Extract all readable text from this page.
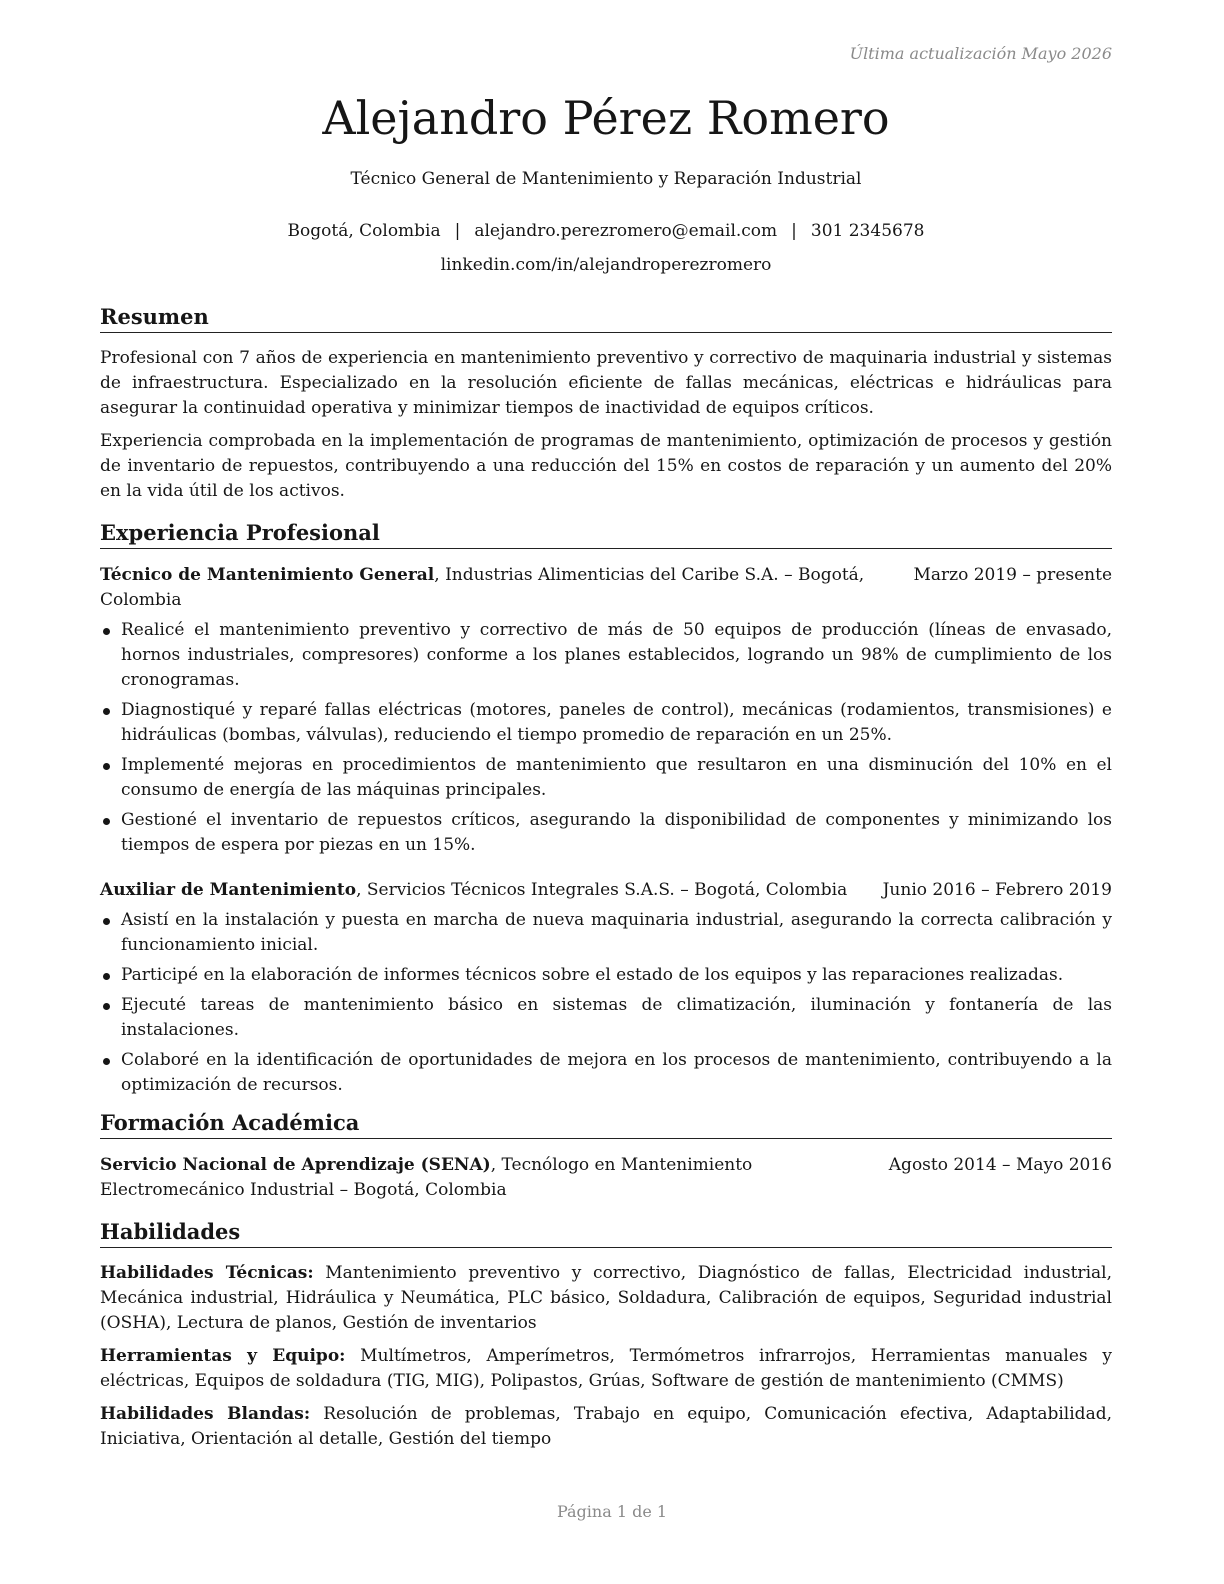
Última actualización Mayo 2026
Alejandro Pérez Romero
Técnico General de Mantenimiento y Reparación Industrial
Bogotá, Colombia | alejandro.perezromero@email.com | 301 2345678
linkedin.com/in/alejandroperezromero
Resumen

Profesional con 7 años de experiencia en mantenimiento preventivo y correctivo de maquinaria industrial y sistemas de infraestructura. Especializado en la resolución eficiente de fallas mecánicas, eléctricas e hidráulicas para asegurar la continuidad operativa y minimizar tiempos de inactividad de equipos críticos.

Experiencia comprobada en la implementación de programas de mantenimiento, optimización de procesos y gestión de inventario de repuestos, contribuyendo a una reducción del 15% en costos de reparación y un aumento del 20% en la vida útil de los activos.

Experiencia Profesional
Técnico de Mantenimiento General, Industrias Alimenticias del Caribe S.A. – Bogotá, Colombia
Marzo 2019 – presente
Realicé el mantenimiento preventivo y correctivo de más de 50 equipos de producción (líneas de envasado, hornos industriales, compresores) conforme a los planes establecidos, logrando un 98% de cumplimiento de los cronogramas.
Diagnostiqué y reparé fallas eléctricas (motores, paneles de control), mecánicas (rodamientos, transmisiones) e hidráulicas (bombas, válvulas), reduciendo el tiempo promedio de reparación en un 25%.
Implementé mejoras en procedimientos de mantenimiento que resultaron en una disminución del 10% en el consumo de energía de las máquinas principales.
Gestioné el inventario de repuestos críticos, asegurando la disponibilidad de componentes y minimizando los tiempos de espera por piezas en un 15%.
Auxiliar de Mantenimiento, Servicios Técnicos Integrales S.A.S. – Bogotá, Colombia	Junio 2016 – Febrero 2019
Asistí en la instalación y puesta en marcha de nueva maquinaria industrial, asegurando la correcta calibración y funcionamiento inicial.
Participé en la elaboración de informes técnicos sobre el estado de los equipos y las reparaciones realizadas.
Ejecuté tareas de mantenimiento básico en sistemas de climatización, iluminación y fontanería de las instalaciones.
Colaboré en la identificación de oportunidades de mejora en los procesos de mantenimiento, contribuyendo a la optimización de recursos.
Formación Académica
Servicio Nacional de Aprendizaje (SENA), Tecnólogo en Mantenimiento Electromecánico Industrial – Bogotá, Colombia
Agosto 2014 – Mayo 2016
Habilidades

Habilidades Técnicas: Mantenimiento preventivo y correctivo, Diagnóstico de fallas, Electricidad industrial, Mecánica industrial, Hidráulica y Neumática, PLC básico, Soldadura, Calibración de equipos, Seguridad industrial (OSHA), Lectura de planos, Gestión de inventarios

Herramientas y Equipo: Multímetros, Amperímetros, Termómetros infrarrojos, Herramientas manuales y eléctricas, Equipos de soldadura (TIG, MIG), Polipastos, Grúas, Software de gestión de mantenimiento (CMMS)

Habilidades Blandas: Resolución de problemas, Trabajo en equipo, Comunicación efectiva, Adaptabilidad, Iniciativa, Orientación al detalle, Gestión del tiempo

Página 1 de 1
